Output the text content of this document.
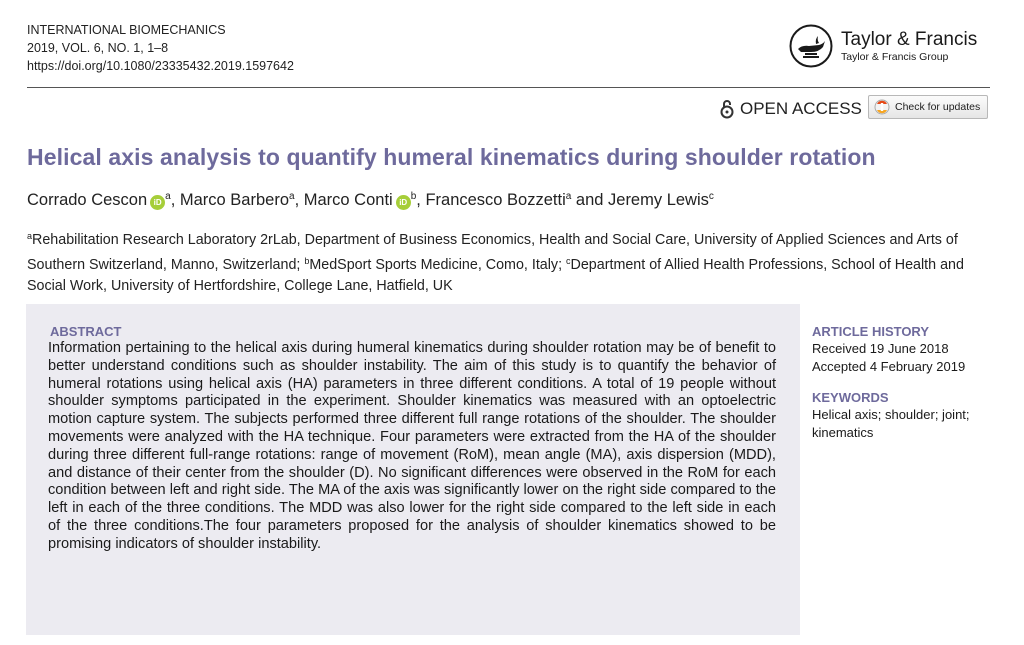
INTERNATIONAL BIOMECHANICS
2019, VOL. 6, NO. 1, 1–8
https://doi.org/10.1080/23335432.2019.1597642
Taylor & Francis
Taylor & Francis Group
OPEN ACCESS	Check for updates
Helical axis analysis to quantify humeral kinematics during shoulder rotation
Corrado Cescon $iD^a$, Marco Barbero$^a$, Marco Conti $iD^b$, Francesco Bozzetti$^a$ and Jeremy Lewis$^c$
$^a$Rehabilitation Research Laboratory 2rLab, Department of Business Economics, Health and Social Care, University of Applied Sciences and Arts of Southern Switzerland, Manno, Switzerland; $^b$MedSport Sports Medicine, Como, Italy; $^c$Department of Allied Health Professions, School of Health and Social Work, University of Hertfordshire, College Lane, Hatfield, UK
ABSTRACT

Information pertaining to the helical axis during humeral kinematics during shoulder rotation may be of benefit to better understand conditions such as shoulder instability. The aim of this study is to quantify the behavior of humeral rotations using helical axis (HA) parameters in three different conditions. A total of 19 people without shoulder symptoms participated in the experiment. Shoulder kinematics was measured with an optoelectric motion capture system. The subjects performed three different full range rotations of the shoulder. The shoulder movements were analyzed with the HA technique. Four parameters were extracted from the HA of the shoulder during three different full-range rotations: range of movement (RoM), mean angle (MA), axis dispersion (MDD), and distance of their center from the shoulder (D). No significant differences were observed in the RoM for each condition between left and right side. The MA of the axis was significantly lower on the right side compared to the left in each of the three conditions. The MDD was also lower for the right side compared to the left side in each of the three conditions.The four parameters proposed for the analysis of shoulder kinematics showed to be promising indicators of shoulder instability.

ARTICLE HISTORY
Received 19 June 2018
Accepted 4 February 2019
KEYWORDS
Helical axis; shoulder; joint; kinematics
